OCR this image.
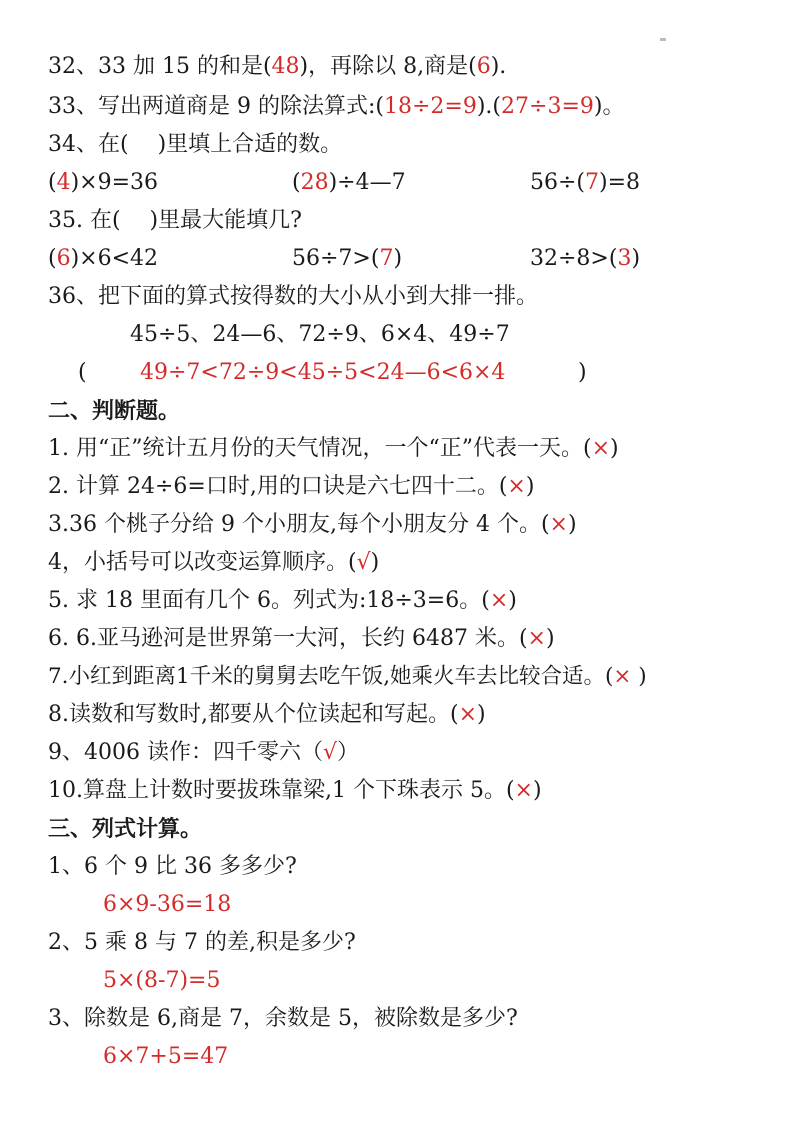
32、33 加 15 的和是(48)，再除以 8,商是(6).
33、写出两道商是 9 的除法算式:(18÷2=9).(27÷3=9)。
34、在(　 )里填上合适的数。
(4)×9=36	(28)÷4—7	56÷(7)=8
35. 在(　 )里最大能填几?
(6)×6<42	56÷7>(7)	32÷8>(3)
36、把下面的算式按得数的大小从小到大排一排。
45÷5、24—6、72÷9、6×4、49÷7
( 49÷7<72÷9<45÷5<24—6<6×4	)
二、判断题。
1. 用“正”统计五月份的天气情况，一个“正”代表一天。(×)
2. 计算 24÷6=口时,用的口诀是六七四十二。(×)
3.36 个桃子分给 9 个小朋友,每个小朋友分 4 个。(×)
4，小括号可以改变运算顺序。(√)
5. 求 18 里面有几个 6。列式为:18÷3=6。(×)
6. 6.亚马逊河是世界第一大河，长约 6487 米。(×)
7.小红到距离1千米的舅舅去吃午饭,她乘火车去比较合适。(× )
8.读数和写数时,都要从个位读起和写起。(×)
9、4006 读作：四千零六（√）
10.算盘上计数时要拔珠靠梁,1 个下珠表示 5。(×)
三、列式计算。
1、6 个 9 比 36 多多少?
6×9-36=18
2、5 乘 8 与 7 的差,积是多少?
5×(8-7)=5
3、除数是 6,商是 7，余数是 5，被除数是多少?
6×7+5=47
